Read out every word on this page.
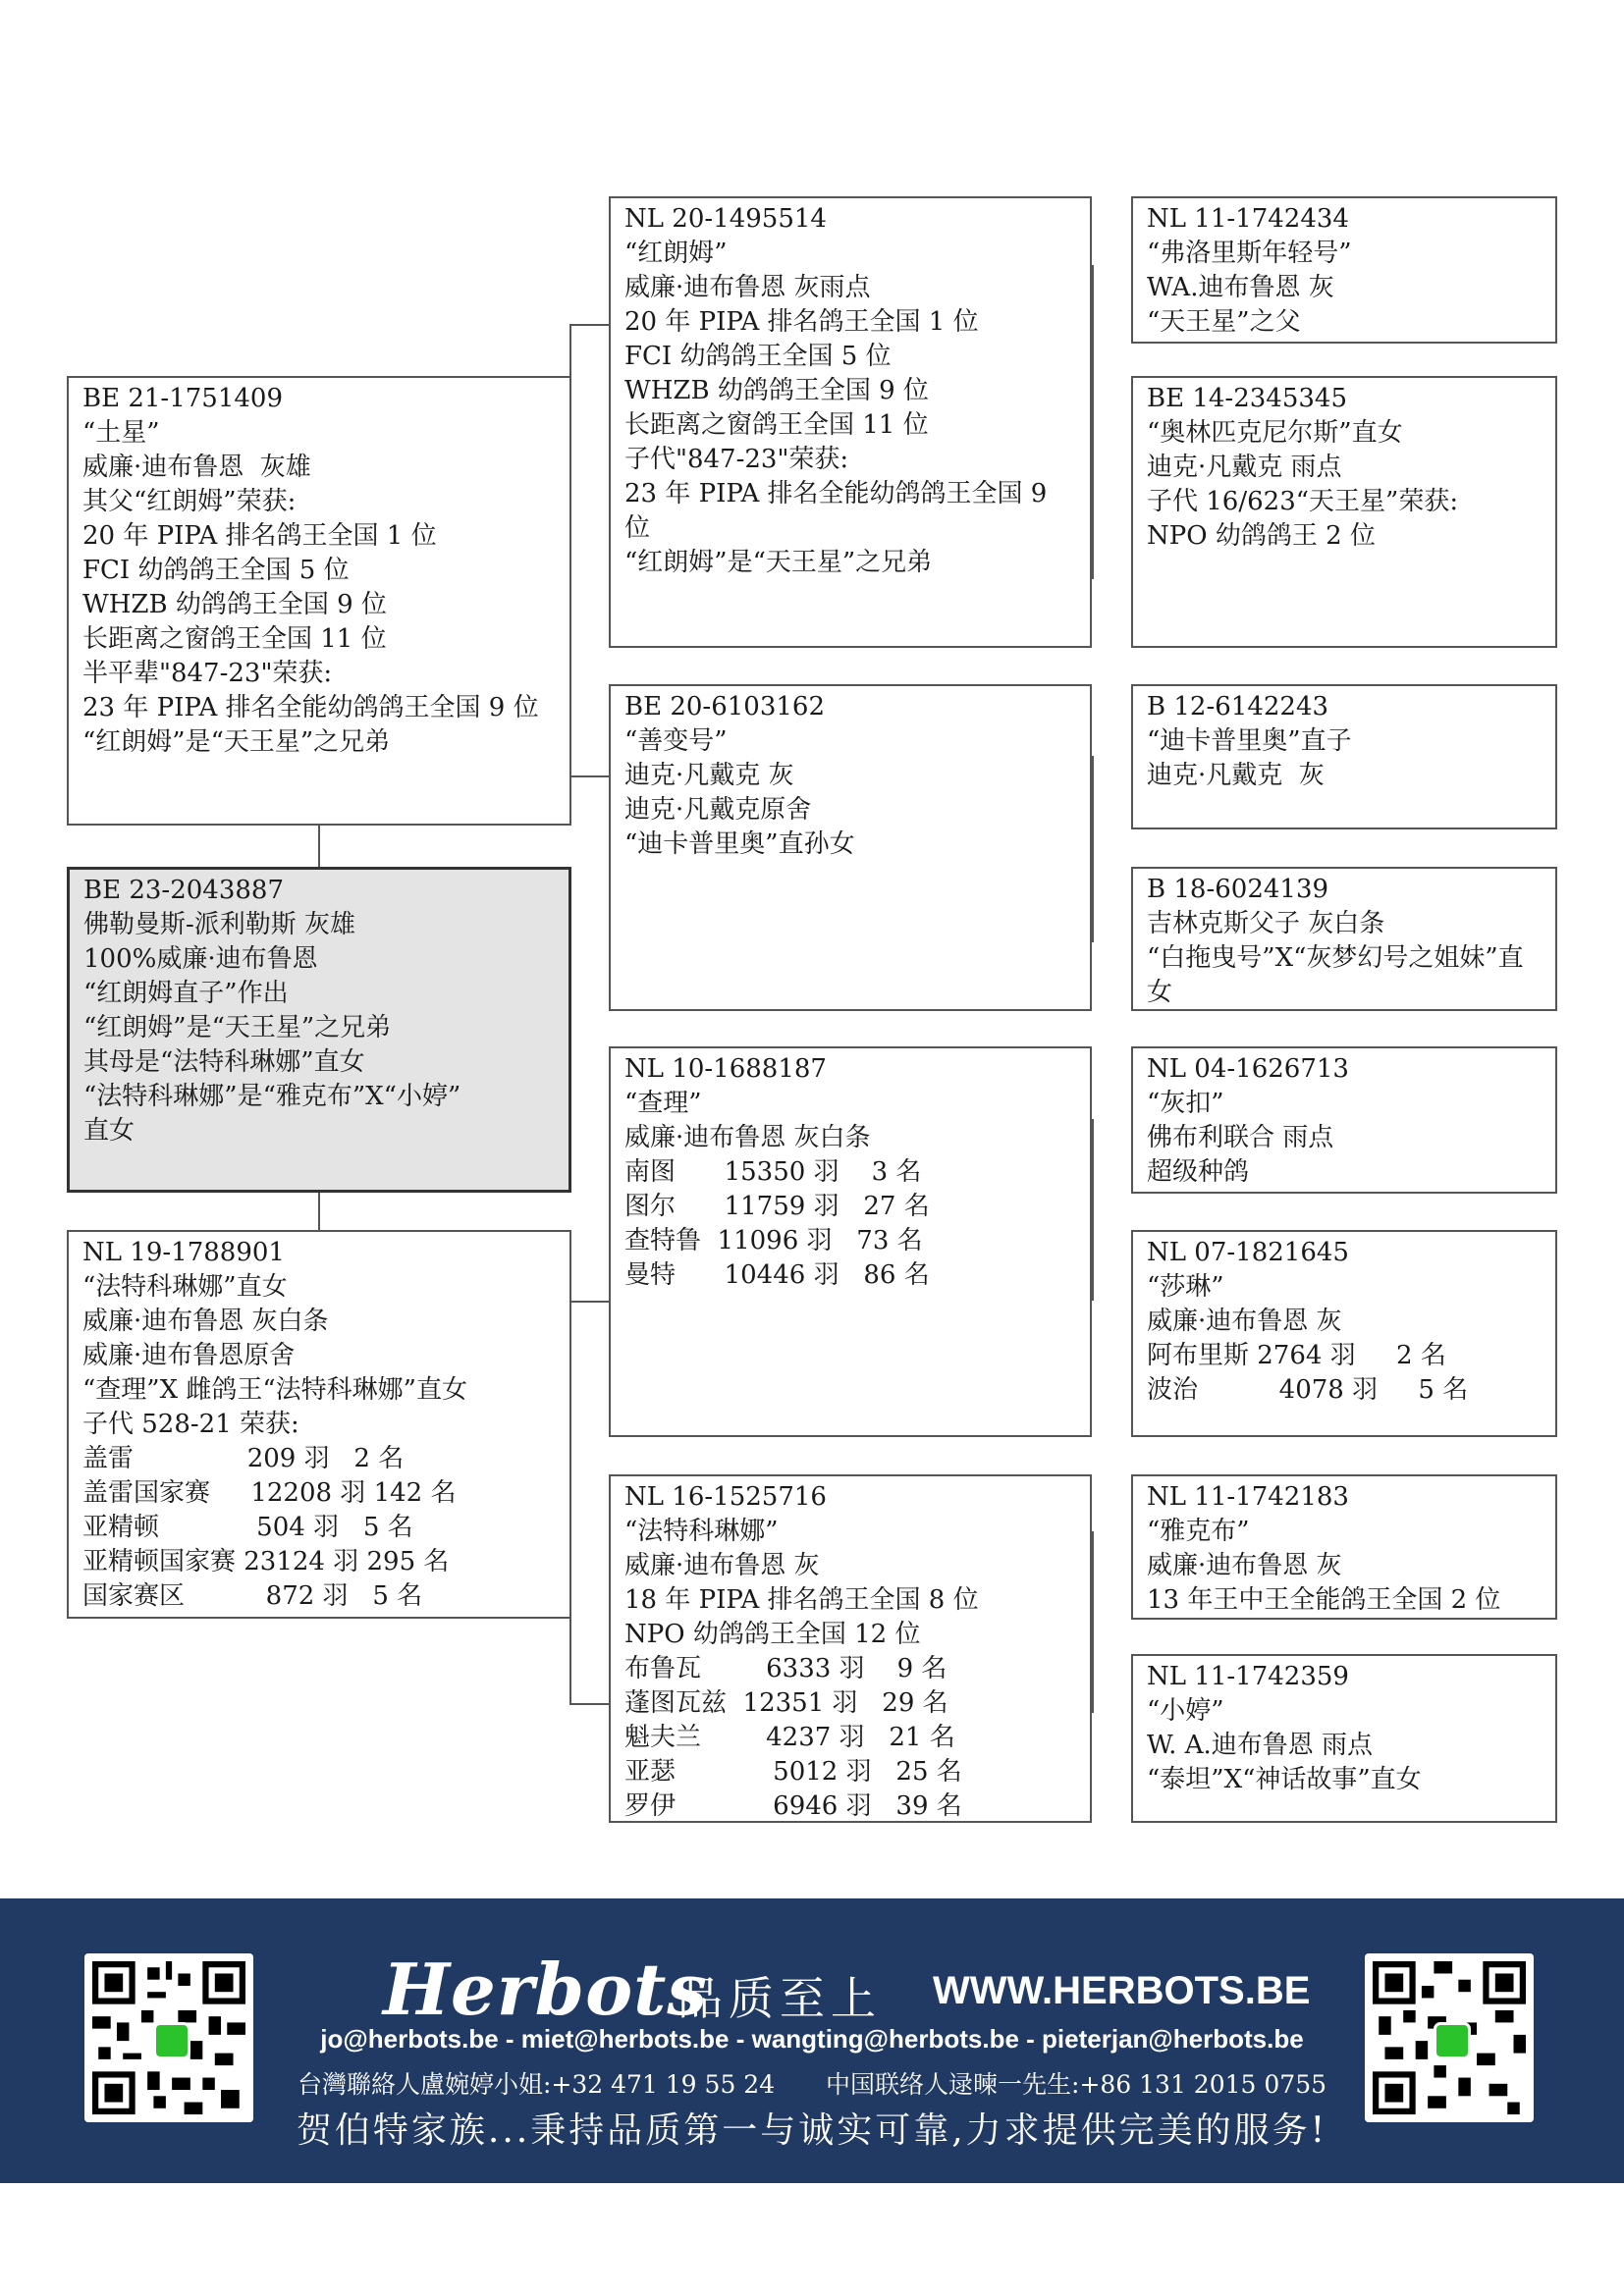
BE 23-2043887
佛勒曼斯-派利勒斯 灰雄
100%威廉·迪布鲁恩
“红朗姆直子”作出
“红朗姆”是“天王星”之兄弟
其母是“法特科琳娜”直女
“法特科琳娜”是“雅克布”X“小婷”
直女
BE 21-1751409
“土星”
威廉·迪布鲁恩  灰雄
其父“红朗姆”荣获:
20 年 PIPA 排名鸽王全国 1 位
FCI 幼鸽鸽王全国 5 位
WHZB 幼鸽鸽王全国 9 位
长距离之窗鸽王全国 11 位
半平辈"847-23"荣获:
23 年 PIPA 排名全能幼鸽鸽王全国 9 位
“红朗姆”是“天王星”之兄弟
NL 19-1788901
“法特科琳娜”直女
威廉·迪布鲁恩 灰白条
威廉·迪布鲁恩原舍
“查理”X 雌鸽王“法特科琳娜”直女
子代 528-21 荣获:
盖雷              209 羽   2 名
盖雷国家赛     12208 羽 142 名
亚精顿            504 羽   5 名
亚精顿国家赛 23124 羽 295 名
国家赛区          872 羽   5 名
NL 20-1495514
“红朗姆”
威廉·迪布鲁恩 灰雨点
20 年 PIPA 排名鸽王全国 1 位
FCI 幼鸽鸽王全国 5 位
WHZB 幼鸽鸽王全国 9 位
长距离之窗鸽王全国 11 位
子代"847-23"荣获:
23 年 PIPA 排名全能幼鸽鸽王全国 9
位
“红朗姆”是“天王星”之兄弟
BE 20-6103162
“善变号”
迪克·凡戴克 灰
迪克·凡戴克原舍
“迪卡普里奥”直孙女
NL 10-1688187
“查理”
威廉·迪布鲁恩 灰白条
南图      15350 羽    3 名
图尔      11759 羽   27 名
查特鲁  11096 羽   73 名
曼特      10446 羽   86 名
NL 16-1525716
“法特科琳娜”
威廉·迪布鲁恩 灰
18 年 PIPA 排名鸽王全国 8 位
NPO 幼鸽鸽王全国 12 位
布鲁瓦        6333 羽    9 名
蓬图瓦兹  12351 羽   29 名
魁夫兰        4237 羽   21 名
亚瑟            5012 羽   25 名
罗伊            6946 羽   39 名
NL 11-1742434
“弗洛里斯年轻号”
WA.迪布鲁恩 灰
“天王星”之父
BE 14-2345345
“奥林匹克尼尔斯”直女
迪克·凡戴克 雨点
子代 16/623“天王星”荣获:
NPO 幼鸽鸽王 2 位
B 12-6142243
“迪卡普里奥”直子
迪克·凡戴克  灰
B 18-6024139
吉林克斯父子 灰白条
“白拖曳号”X“灰梦幻号之姐妹”直女
NL 04-1626713
“灰扣”
佛布利联合 雨点
超级种鸽
NL 07-1821645
“莎琳”
威廉·迪布鲁恩 灰
阿布里斯 2764 羽     2 名
波治          4078 羽     5 名
NL 11-1742183
“雅克布”
威廉·迪布鲁恩 灰
13 年王中王全能鸽王全国 2 位
NL 11-1742359
“小婷”
W. A.迪布鲁恩 雨点
“泰坦”X“神话故事”直女
Herbots
品质至上 WWW.HERBOTS.BE
jo@herbots.be - miet@herbots.be - wangting@herbots.be - pieterjan@herbots.be
台灣聯絡人盧婉婷小姐:+32 471 19 55 24 中国联络人逯暕一先生:+86 131 2015 0755
贺伯特家族...秉持品质第一与诚实可靠,力求提供完美的服务!
